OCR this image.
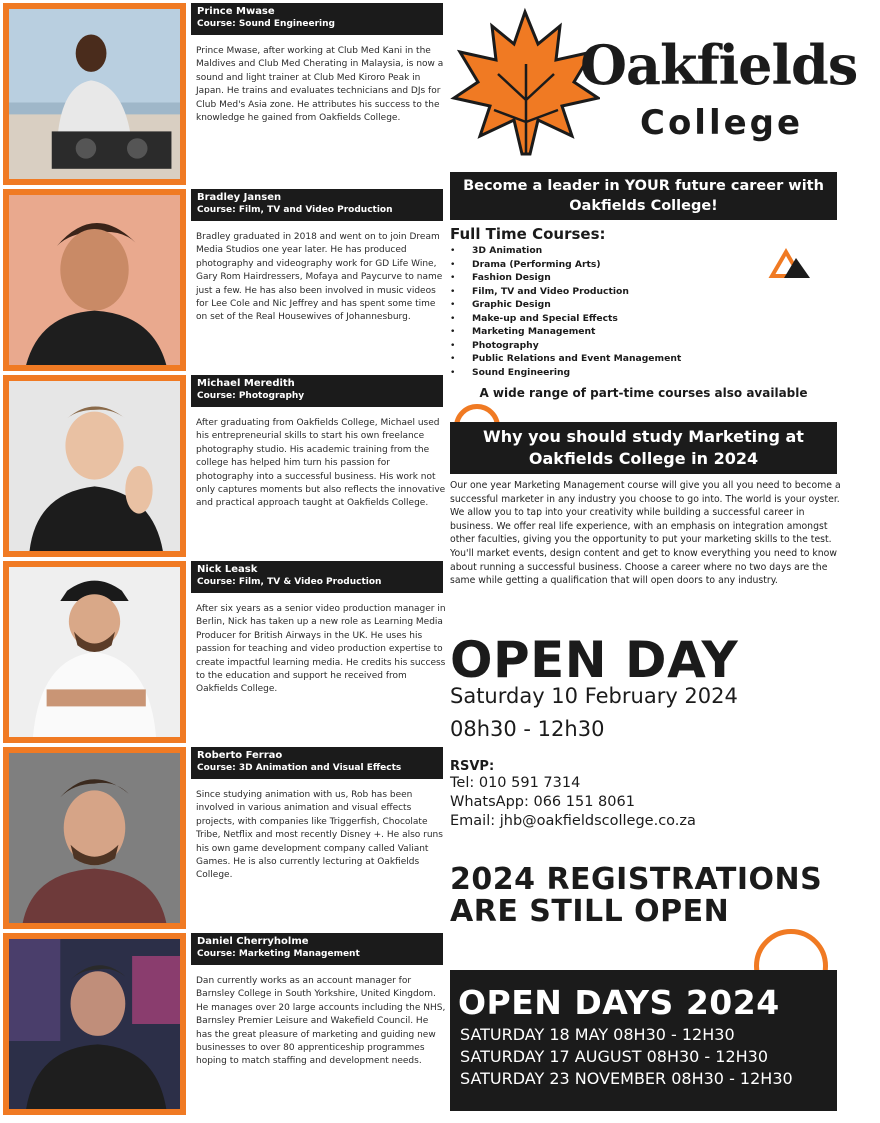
Prince Mwase
Course: Sound Engineering
Prince Mwase, after working at Club Med Kani in the Maldives and Club Med Cherating in Malaysia, is now a sound and light trainer at Club Med Kiroro Peak in Japan. He trains and evaluates technicians and DJs for Club Med's Asia zone. He attributes his success to the knowledge he gained from Oakfields College.
Bradley Jansen
Course: Film, TV and Video Production
Bradley graduated in 2018 and went on to join Dream Media Studios one year later. He has produced photography and videography work for GD Life Wine, Gary Rom Hairdressers, Mofaya and Paycurve to name just a few. He has also been involved in music videos for Lee Cole and Nic Jeffrey and has spent some time on set of the Real Housewives of Johannesburg.
Michael Meredith
Course: Photography
After graduating from Oakfields College, Michael used his entrepreneurial skills to start his own freelance photography studio. His academic training from the college has helped him turn his passion for photography into a successful business. His work not only captures moments but also reflects the innovative and practical approach taught at Oakfields College.
Nick Leask
Course: Film, TV & Video Production
After six years as a senior video production manager in Berlin, Nick has taken up a new role as Learning Media Producer for British Airways in the UK. He uses his passion for teaching and video production expertise to create impactful learning media. He credits his success to the education and support he received from Oakfields College.
Roberto Ferrao
Course: 3D Animation and Visual Effects
Since studying animation with us, Rob has been involved in various animation and visual effects projects, with companies like Triggerfish, Chocolate Tribe, Netflix and most recently Disney +. He also runs his own game development company called Valiant Games. He is also currently lecturing at Oakfields College.
Daniel Cherryholme
Course: Marketing Management
Dan currently works as an account manager for Barnsley College in South Yorkshire, United Kingdom. He manages over 20 large accounts including the NHS, Barnsley Premier Leisure and Wakefield Council. He has the great pleasure of marketing and guiding new businesses to over 80 apprenticeship programmes hoping to match staffing and development needs.
Oakfields
College
Become a leader in YOUR future career with Oakfields College!
Full Time Courses:
• 3D Animation
• Drama (Performing Arts)
• Fashion Design
• Film, TV and Video Production
• Graphic Design
• Make-up and Special Effects
• Marketing Management
• Photography
• Public Relations and Event Management
• Sound Engineering
A wide range of part-time courses also available
Why you should study Marketing at Oakfields College in 2024

Our one year Marketing Management course will give you all you need to become a successful marketer in any industry you choose to go into. The world is your oyster. We allow you to tap into your creativity while building a successful career in business. We offer real life experience, with an emphasis on integration amongst other faculties, giving you the opportunity to put your marketing skills to the test.

You'll market events, design content and get to know everything you need to know about running a successful business. Choose a career where no two days are the same while getting a qualification that will open doors to any industry.

OPEN DAY
Saturday 10 February 2024
08h30 - 12h30
RSVP:
Tel: 010 591 7314
WhatsApp: 066 151 8061
Email: jhb@oakfieldscollege.co.za
2024 REGISTRATIONS ARE STILL OPEN
OPEN DAYS 2024
SATURDAY 18 MAY 08H30 - 12H30
SATURDAY 17 AUGUST 08H30 - 12H30
SATURDAY 23 NOVEMBER 08H30 - 12H30
